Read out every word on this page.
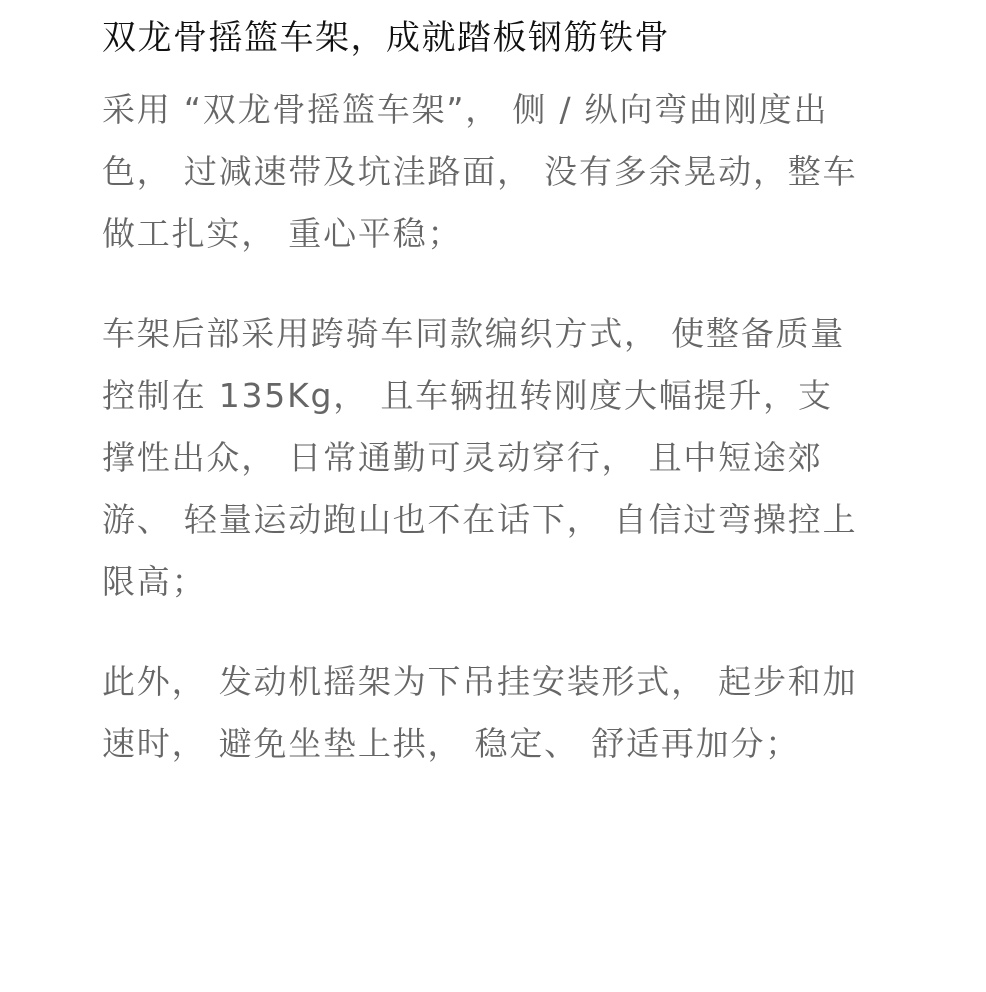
双龙骨摇篮车架，成就踏板钢筋铁骨

采用 “双龙骨摇篮车架”， 侧 / 纵向弯曲刚度出色， 过减速带及坑洼路面， 没有多余晃动，整车做工扎实， 重心平稳；

车架后部采用跨骑车同款编织方式， 使整备质量控制在 135Kg， 且车辆扭转刚度大幅提升，支撑性出众， 日常通勤可灵动穿行， 且中短途郊游、 轻量运动跑山也不在话下， 自信过弯操控上限高；

此外， 发动机摇架为下吊挂安装形式， 起步和加速时， 避免坐垫上拱， 稳定、 舒适再加分；
